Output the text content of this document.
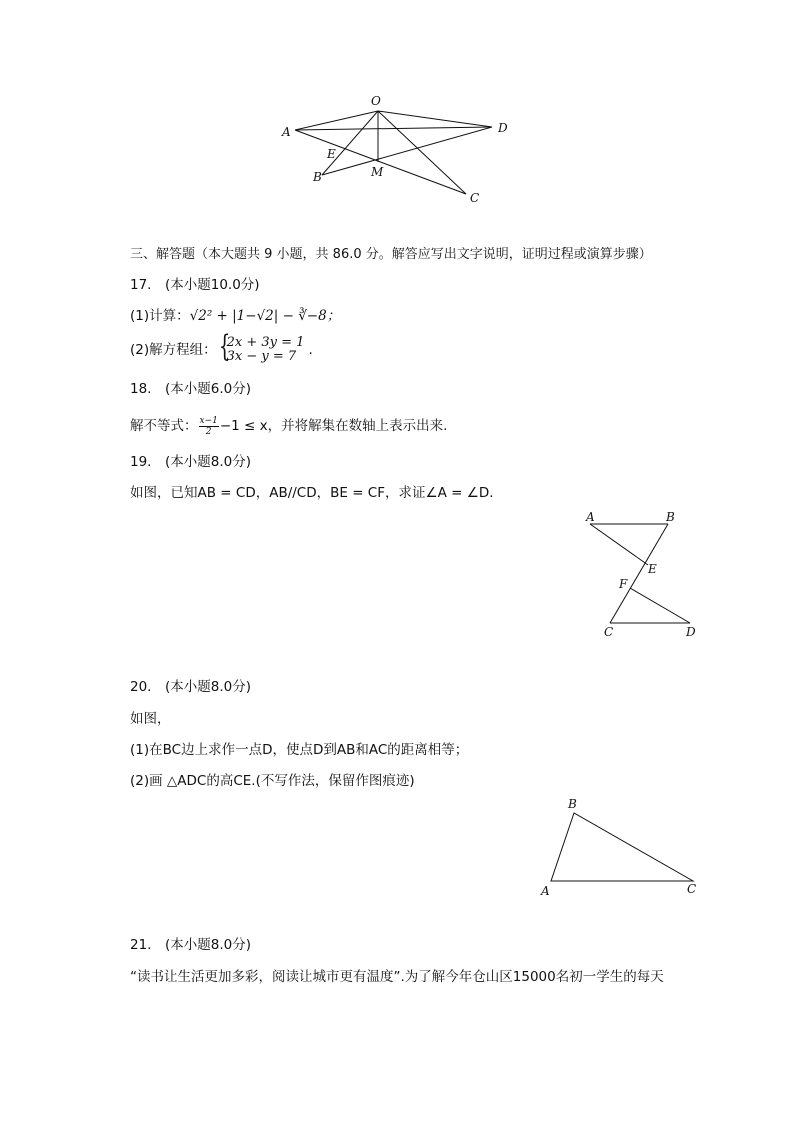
O
A	D
E
B	M
C
三、解答题（本大题共 9 小题，共 86.0 分。解答应写出文字说明，证明过程或演算步骤）
17.　(本小题10.0分)
(1)计算：√2² + |1−√2| − ∛−8；
(2)解方程组： {
2x + 3y = 1
3x − y = 7 .
18.　(本小题6.0分)
解不等式： $\frac{x-1}{2} -1 \le x$，并将解集在数轴上表示出来.
19.　(本小题8.0分)
如图，已知AB = CD，AB//CD，BE = CF，求证∠A = ∠D.
A	B
E
F
C	D
20.　(本小题8.0分)
如图，
(1)在BC边上求作一点D，使点D到AB和AC的距离相等；
(2)画 △ADC的高CE.(不写作法，保留作图痕迹)
B
A	C
21.　(本小题8.0分)
“读书让生活更加多彩，阅读让城市更有温度”.为了解今年仓山区15000名初一学生的每天
